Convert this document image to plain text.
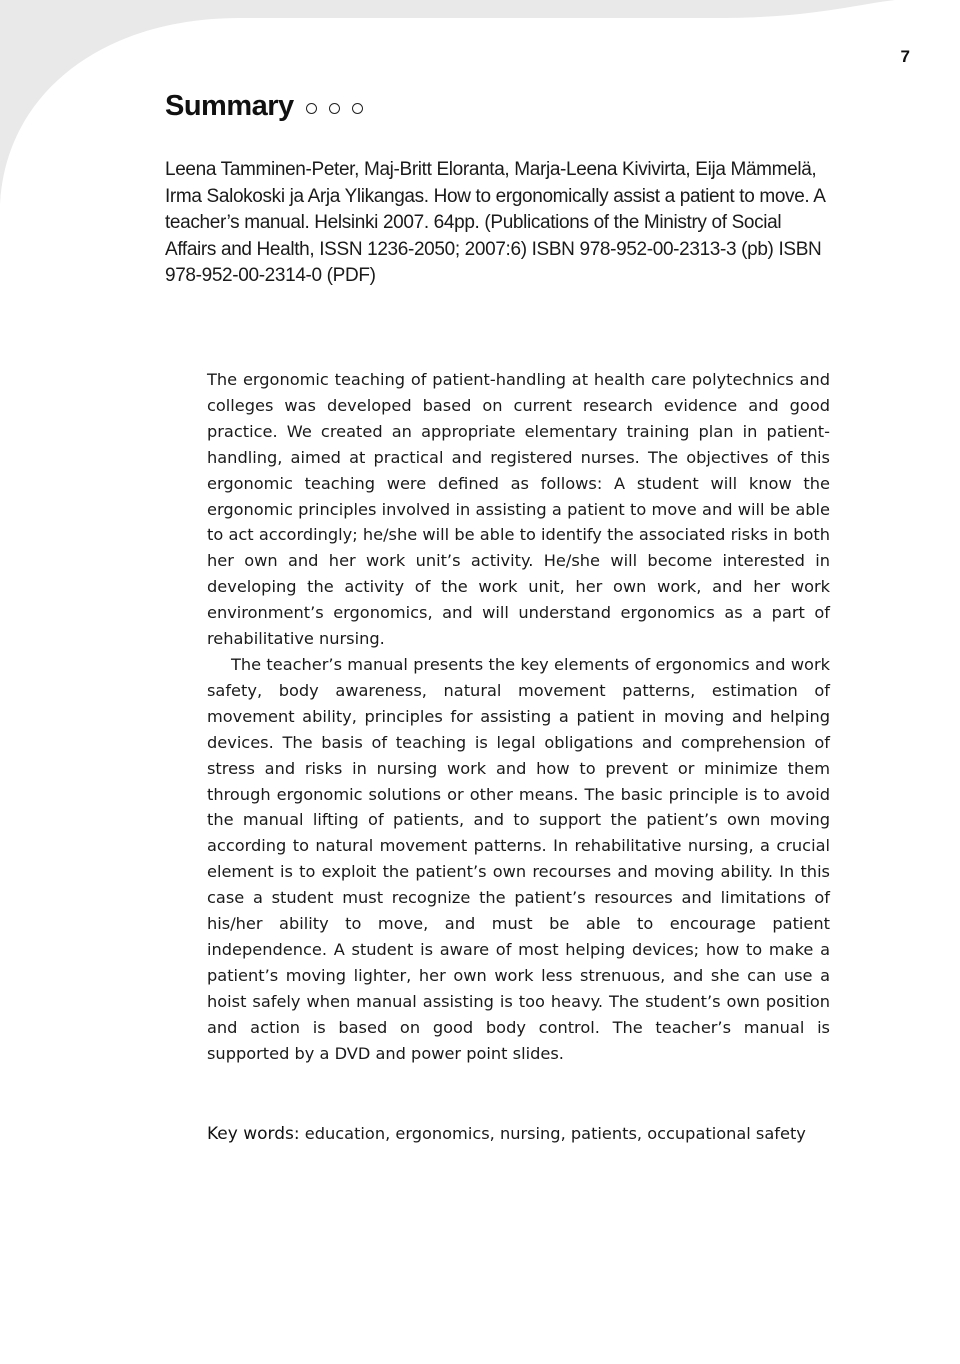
7
Summary

Leena Tamminen-Peter, Maj-Britt Eloranta, Marja-Leena Kivivirta, Eija Mämmelä, Irma Salokoski ja Arja Ylikangas. How to ergonomically assist a patient to move. A teacher’s manual. Helsinki 2007. 64pp. (Publications of the Ministry of Social Affairs and Health, ISSN 1236-2050; 2007:6) ISBN 978-952-00-2313-3 (pb) ISBN 978-952-00-2314-0 (PDF)

The ergonomic teaching of patient-handling at health care polytechnics and colleges was developed based on current research evidence and good practice. We created an appropriate elementary training plan in patient-handling, aimed at practical and registered nurses. The objectives of this ergonomic teaching were defined as follows: A student will know the ergonomic principles involved in assisting a patient to move and will be able to act accordingly; he/she will be able to identify the associated risks in both her own and her work unit’s activity. He/she will become interested in developing the activity of the work unit, her own work, and her work environment’s ergonomics, and will understand ergonomics as a part of rehabilitative nursing.

The teacher’s manual presents the key elements of ergonomics and work safety, body awareness, natural movement patterns, estimation of movement ability, principles for assisting a patient in moving and helping devices. The basis of teaching is legal obligations and comprehension of stress and risks in nursing work and how to prevent or minimize them through ergonomic solutions or other means. The basic principle is to avoid the manual lifting of patients, and to support the patient’s own moving according to natural movement patterns. In rehabilitative nursing, a crucial element is to exploit the patient’s own recourses and moving ability. In this case a student must recognize the patient’s resources and limitations of his/her ability to move, and must be able to encourage patient independence. A student is aware of most helping devices; how to make a patient’s moving lighter, her own work less strenuous, and she can use a hoist safely when manual assisting is too heavy. The student’s own position and action is based on good body control. The teacher’s manual is supported by a DVD and power point slides.

Key words: education, ergonomics, nursing, patients, occupational safety
